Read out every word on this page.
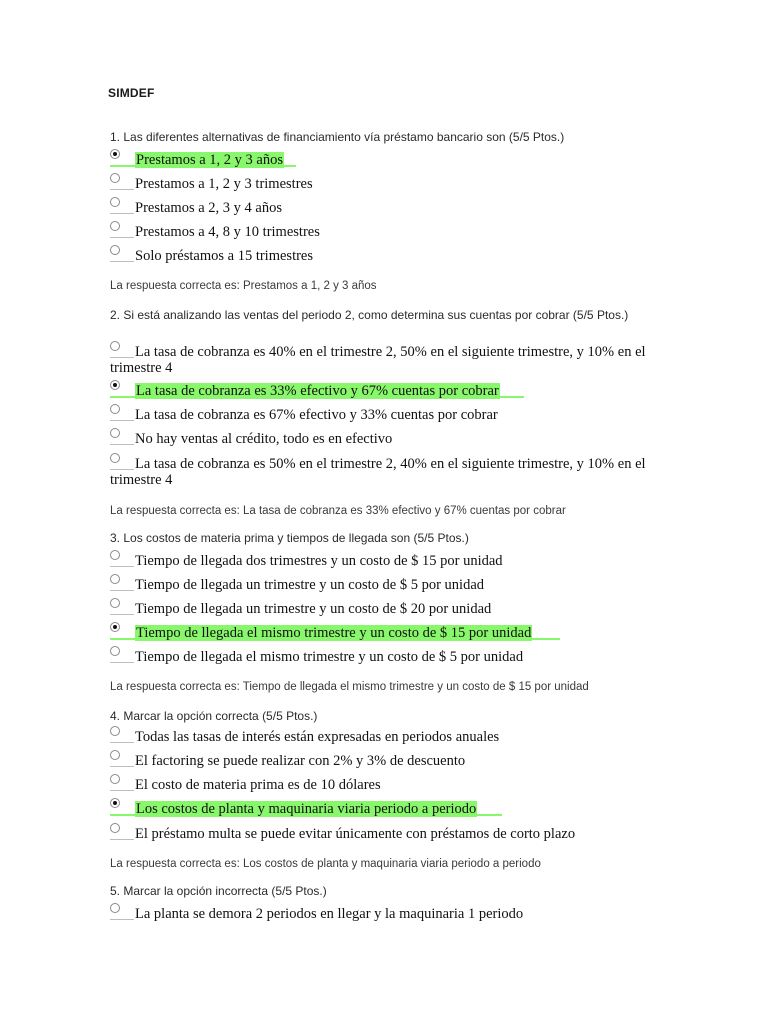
SIMDEF
1. Las diferentes alternativas de financiamiento vía préstamo bancario son (5/5 Ptos.)
Prestamos a 1, 2 y 3 años
Prestamos a 1, 2 y 3 trimestres
Prestamos a 2, 3 y 4 años
Prestamos a 4, 8 y 10 trimestres
Solo préstamos a 15 trimestres
La respuesta correcta es: Prestamos a 1, 2 y 3 años
2. Si está analizando las ventas del periodo 2, como determina sus cuentas por cobrar (5/5 Ptos.)
La tasa de cobranza es 40% en el trimestre 2, 50% en el siguiente trimestre, y 10% en el trimestre 4
La tasa de cobranza es 33% efectivo y 67% cuentas por cobrar
La tasa de cobranza es 67% efectivo y 33% cuentas por cobrar
No hay ventas al crédito, todo es en efectivo
La tasa de cobranza es 50% en el trimestre 2, 40% en el siguiente trimestre, y 10% en el trimestre 4
La respuesta correcta es: La tasa de cobranza es 33% efectivo y 67% cuentas por cobrar
3. Los costos de materia prima y tiempos de llegada son (5/5 Ptos.)
Tiempo de llegada dos trimestres y un costo de $ 15 por unidad
Tiempo de llegada un trimestre y un costo de $ 5 por unidad
Tiempo de llegada un trimestre y un costo de $ 20 por unidad
Tiempo de llegada el mismo trimestre y un costo de $ 15 por unidad
Tiempo de llegada el mismo trimestre y un costo de $ 5 por unidad
La respuesta correcta es: Tiempo de llegada el mismo trimestre y un costo de $ 15 por unidad
4. Marcar la opción correcta (5/5 Ptos.)
Todas las tasas de interés están expresadas en periodos anuales
El factoring se puede realizar con 2% y 3% de descuento
El costo de materia prima es de 10 dólares
Los costos de planta y maquinaria viaria periodo a periodo
El préstamo multa se puede evitar únicamente con préstamos de corto plazo
La respuesta correcta es: Los costos de planta y maquinaria viaria periodo a periodo
5. Marcar la opción incorrecta (5/5 Ptos.)
La planta se demora 2 periodos en llegar y la maquinaria 1 periodo
